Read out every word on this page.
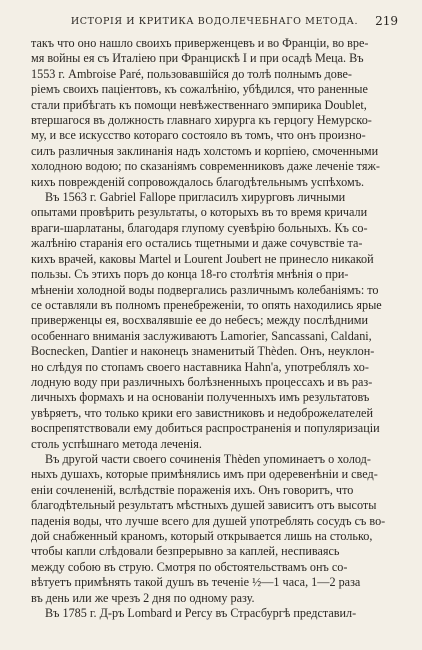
ИСТОРІЯ И КРИТИКА ВОДОЛЕЧЕБНАГО МЕТОДА. 219
такъ что оно нашло своихъ приверженцевъ и во Франціи, во вре-
мя войны ея съ Италіею при Францискѣ I и при осадѣ Меца. Въ
1553 г. Ambroise Paré, пользовавшійся до толѣ полнымъ дове-
ріемъ своихъ паціентовъ, къ сожалѣнію, убѣдился, что раненные
стали прибѣгать къ помощи невѣжественнаго эмпирика Doublet,
втершагося въ должность главнаго хирурга къ герцогу Немурско-
му, и все искусство котораго состояло въ томъ, что онъ произно-
силъ различныя заклинанія надъ холстомъ и корпіею, смоченными
холодною водою; по сказаніямъ современниковъ даже леченіе тяж-
кихъ поврежденій сопровождалось благодѣтельнымъ успѣхомъ.
Въ 1563 г. Gabriel Fallope пригласилъ хирурговъ личными
опытами провѣрить результаты, о которыхъ въ то время кричали
враги-шарлатаны, благодаря глупому суевѣрію больныхъ. Къ со-
жалѣнію старанія его остались тщетными и даже сочувствіе та-
кихъ врачей, каковы Martel и Lourent Joubert не принесло никакой
пользы. Съ этихъ поръ до конца 18-го столѣтія мнѣнія о при-
мѣненіи холодной воды подвергались различнымъ колебаніямъ: то
се оставляли въ полномъ пренебреженіи, то опять находились ярые
приверженцы ея, восхвалявшіе ее до небесъ; между послѣдними
особеннаго вниманія заслуживаютъ Lamorier, Sancassani, Caldani,
Bocnecken, Dantier и наконецъ знаменитый Thèden. Онъ, неуклон-
но слѣдуя по стопамъ своего наставника Hahn'а, употреблялъ хо-
лодную воду при различныхъ болѣзненныхъ процессахъ и въ раз-
личныхъ формахъ и на основаніи полученныхъ имъ результатовъ
увѣряетъ, что только крики его завистниковъ и недоброжелателей
воспрепятствовали ему добиться распространенія и популяризаціи
столь успѣшнаго метода леченія.
Въ другой части своего сочиненія Thèden упоминаетъ о холод-
ныхъ душахъ, которые примѣнялись имъ при одеревенѣніи и свед-
еніи сочлененій, вслѣдствіе пораженія ихъ. Онъ говоритъ, что
благодѣтельный результатъ мѣстныхъ душей зависитъ отъ высоты
паденія воды, что лучше всего для душей употреблять сосудъ съ во-
дой снабженный краномъ, который открывается лишь на столько,
чтобы капли слѣдовали безпрерывно за каплей, неспиваясь
между собою въ струю. Смотря по обстоятельствамъ онъ со-
вѣтуетъ примѣнять такой душъ въ теченіе ½—1 часа, 1—2 раза
въ день или же чрезъ 2 дня по одному разу.
Въ 1785 г. Д-ръ Lombard и Percy въ Страсбургѣ представил-
